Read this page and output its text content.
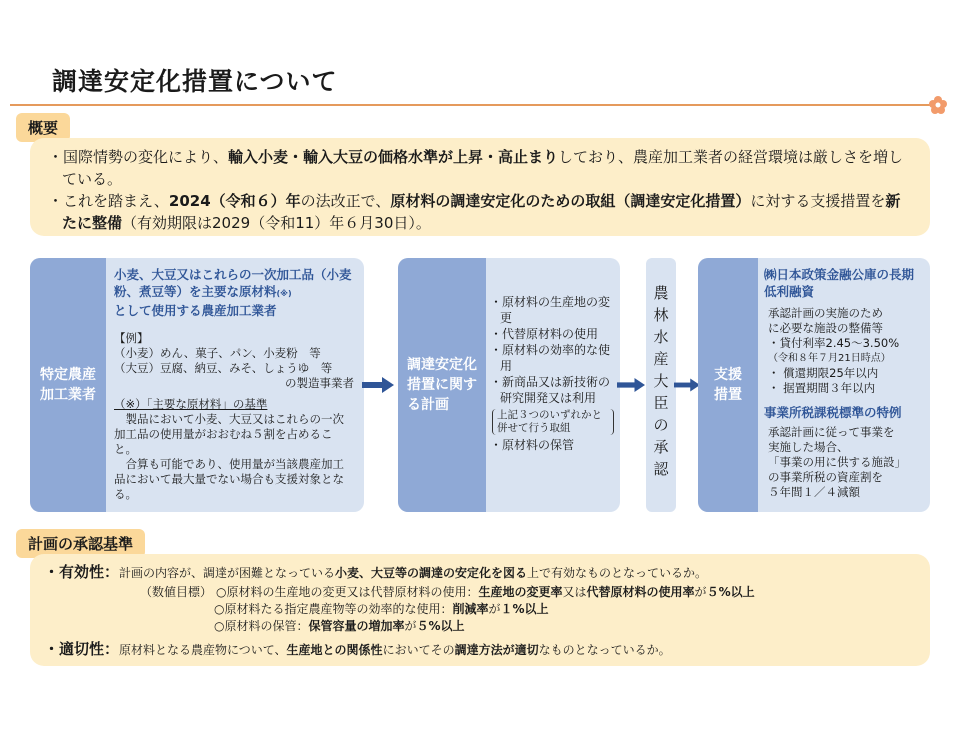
調達安定化措置について
概要

・国際情勢の変化により、輸入小麦・輸入大豆の価格水準が上昇・高止まりしており、農産加工業者の経営環境は厳しさを増している。

・これを踏まえ、2024（令和６）年の法改正で、原材料の調達安定化のための取組（調達安定化措置）に対する支援措置を新たに整備（有効期限は2029（令和11）年６月30日）。

特定農産
加工業者
小麦、大豆又はこれらの一次加工品（小麦粉、煮豆等）を主要な原材料(※)
として使用する農産加工業者
【例】
（小麦）めん、菓子、パン、小麦粉　等
（大豆）豆腐、納豆、みそ、しょうゆ　等
の製造事業者
（※）「主要な原材料」の基準
　製品において小麦、大豆又はこれらの一次加工品の使用量がおおむね５割を占めること。
　合算も可能であり、使用量が当該農産加工品において最大量でない場合も支援対象となる。
調達安定化
措置に関す
る計画
・原材料の生産地の変更
・代替原材料の使用
・原材料の効率的な使用
・新商品又は新技術の研究開発又は利用
上記３つのいずれかと併せて行う取組
・原材料の保管
農
林
水
産
大
臣
の
承
認
支援
措置
㈱日本政策金融公庫の長期低利融資
承認計画の実施のため
に必要な施設の整備等
・貸付利率2.45～3.50%
（令和８年７月21日時点）
・ 償還期限25年以内
・ 据置期間３年以内
事業所税課税標準の特例
承認計画に従って事業を
実施した場合、
「事業の用に供する施設」
の事業所税の資産割を
５年間１／４減額
計画の承認基準
・有効性：計画の内容が、調達が困難となっている小麦、大豆等の調達の安定化を図る上で有効なものとなっているか。
（数値目標） ○原材料の生産地の変更又は代替原材料の使用：生産地の変更率又は代替原材料の使用率が５%以上
○原材料たる指定農産物等の効率的な使用：削減率が１%以上
○原材料の保管：保管容量の増加率が５%以上
・適切性：原材料となる農産物について、生産地との関係性においてその調達方法が適切なものとなっているか。
